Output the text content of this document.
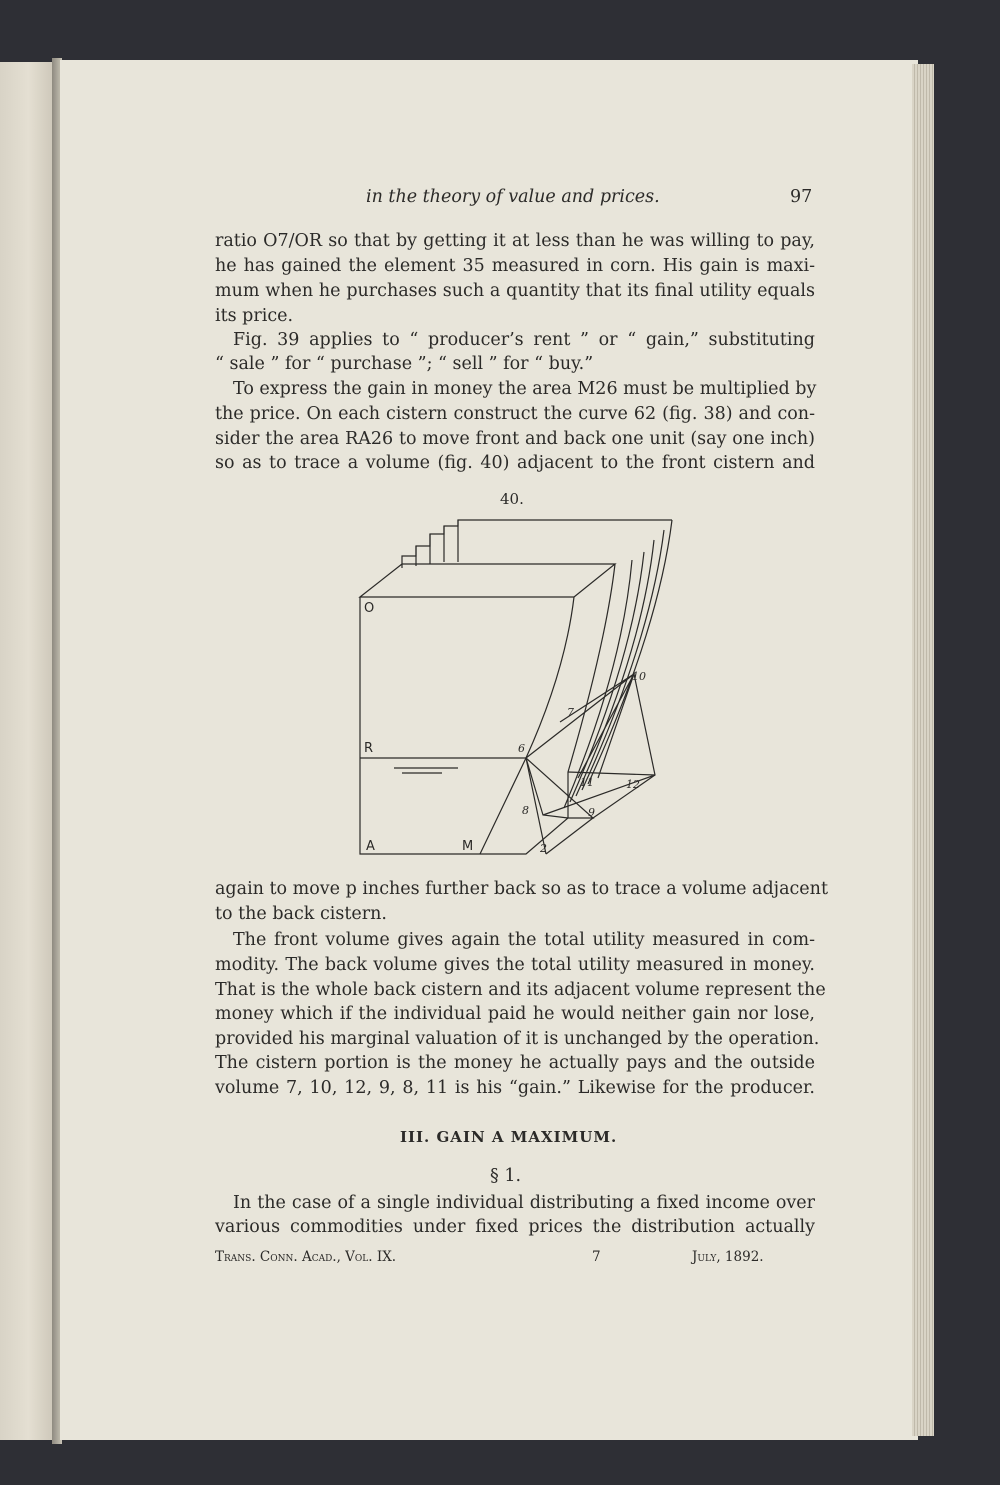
in the theory of value and prices.	97
ratio O7/OR so that by getting it at less than he was willing to pay,
he has gained the element 35 measured in corn. His gain is maxi-
mum when he purchases such a quantity that its final utility equals
its price.
Fig. 39 applies to “ producer’s rent ” or “ gain,” substituting
“ sale ” for “ purchase ”; “ sell ” for “ buy.”
To express the gain in money the area M26 must be multiplied by
the price. On each cistern construct the curve 62 (fig. 38) and con-
sider the area RA26 to move front and back one unit (say one inch)
so as to trace a volume (fig. 40) adjacent to the front cistern and
40.
O
R
A	M	2
6
7
8	9
10
11	12
again to move p inches further back so as to trace a volume adjacent
to the back cistern.
The front volume gives again the total utility measured in com-
modity. The back volume gives the total utility measured in money.
That is the whole back cistern and its adjacent volume represent the
money which if the individual paid he would neither gain nor lose,
provided his marginal valuation of it is unchanged by the operation.
The cistern portion is the money he actually pays and the outside
volume 7, 10, 12, 9, 8, 11 is his “gain.” Likewise for the producer.
III. GAIN A MAXIMUM.
§ 1.
In the case of a single individual distributing a fixed income over
various commodities under fixed prices the distribution actually
Trans. Conn. Acad., Vol. IX.	7	July, 1892.
